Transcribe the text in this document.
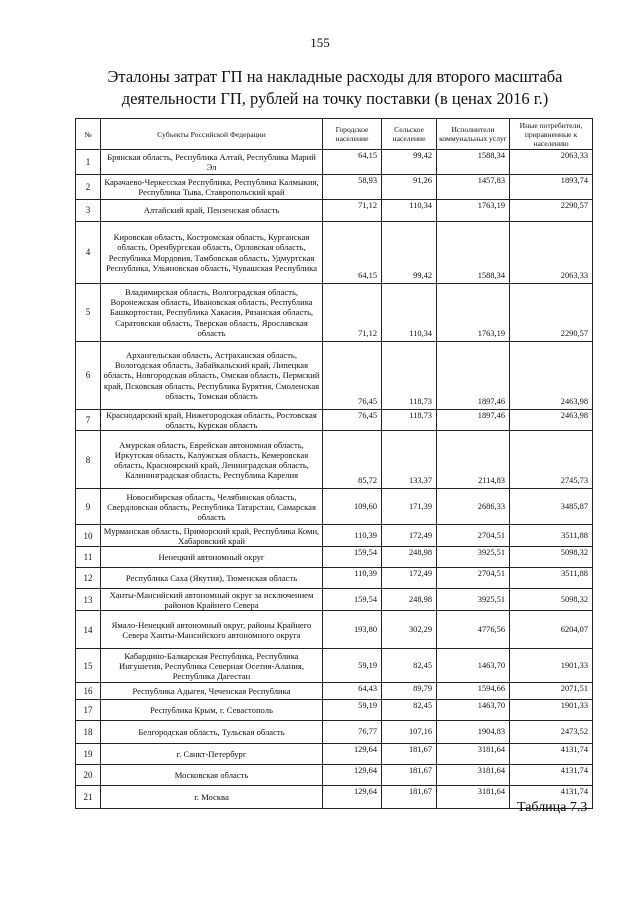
155
Эталоны затрат ГП на накладные расходы для второго масштаба деятельности ГП, рублей на точку поставки (в ценах 2016 г.)
№	Субъекты Российской Федерации	Городское население	Сельское население	Исполнители коммунальных услуг	Иные потребители, приравненные к населению
1	Брянская область, Республика Алтай, Республика Марий Эл	64,15	99,42	1588,34	2063,33
2	Карачаево-Черкесская Республика, Республика Калмыкия, Республика Тыва, Ставропольский край	58,93	91,26	1457,83	1893,74
3	Алтайский край, Пензенская область	71,12	110,34	1763,19	2290,57
4	Кировская область, Костромская область, Курганская область, Оренбургская область, Орловская область, Республика Мордовия, Тамбовская область, Удмуртская Республика, Ульяновская область, Чувашская Республика	64,15	99,42	1588,34	2063,33
5	Владимирская область, Волгоградская область, Воронежская область, Ивановская область, Республика Башкортостан, Республика Хакасия, Рязанская область, Саратовская область, Тверская область, Ярославская область	71,12	110,34	1763,19	2290,57
6	Архангельская область, Астраханская область, Вологодская область, Забайкальский край, Липецкая область, Новгородская область, Омская область, Пермский край, Псковская область, Республика Бурятия, Смоленская область, Томская область	76,45	118,73	1897,46	2463,98
7	Краснодарский край, Нижегородская область, Ростовская область, Курская область	76,45	118,73	1897,46	2463,98
8	Амурская область, Еврейская автономная область, Иркутская область, Калужская область, Кемеровская область, Красноярский край, Ленинградская область, Калининградская область, Республика Карелия	85,72	133,37	2114,83	2745,73
9	Новосибирская область, Челябинская область, Свердловская область, Республика Татарстан, Самарская область	109,60	171,39	2686,33	3485,87
10	Мурманская область, Приморский край, Республика Коми, Хабаровский край	110,39	172,49	2704,51	3511,88
11	Ненецкий автономный округ	159,54	248,98	3925,51	5098,32
12	Республика Саха (Якутия), Тюменская область	110,39	172,49	2704,51	3511,88
13	Ханты-Мансийский автономный округ за исключением районов Крайнего Севера	159,54	248,98	3925,51	5098,32
14	Ямало-Ненецкий автономный округ, районы Крайнего Севера Ханты-Мансийского автономного округа	193,80	302,29	4776,56	6204,07
15	Кабардино-Балкарская Республика, Республика Ингушетия, Республика Северная Осетия-Алания, Республика Дагестан	59,19	82,45	1463,70	1901,33
16	Республика Адыгея, Чеченская Республика	64,43	89,79	1594,66	2071,51
17	Республика Крым, г. Севастополь	59,19	82,45	1463,70	1901,33
18	Белгородская область, Тульская область	76,77	107,16	1904,83	2473,52
19	г. Санкт-Петербург	129,64	181,67	3181,64	4131,74
20	Московская область	129,64	181,67	3181,64	4131,74
21	г. Москва	129,64	181,67	3181,64	4131,74
Таблица 7.3
